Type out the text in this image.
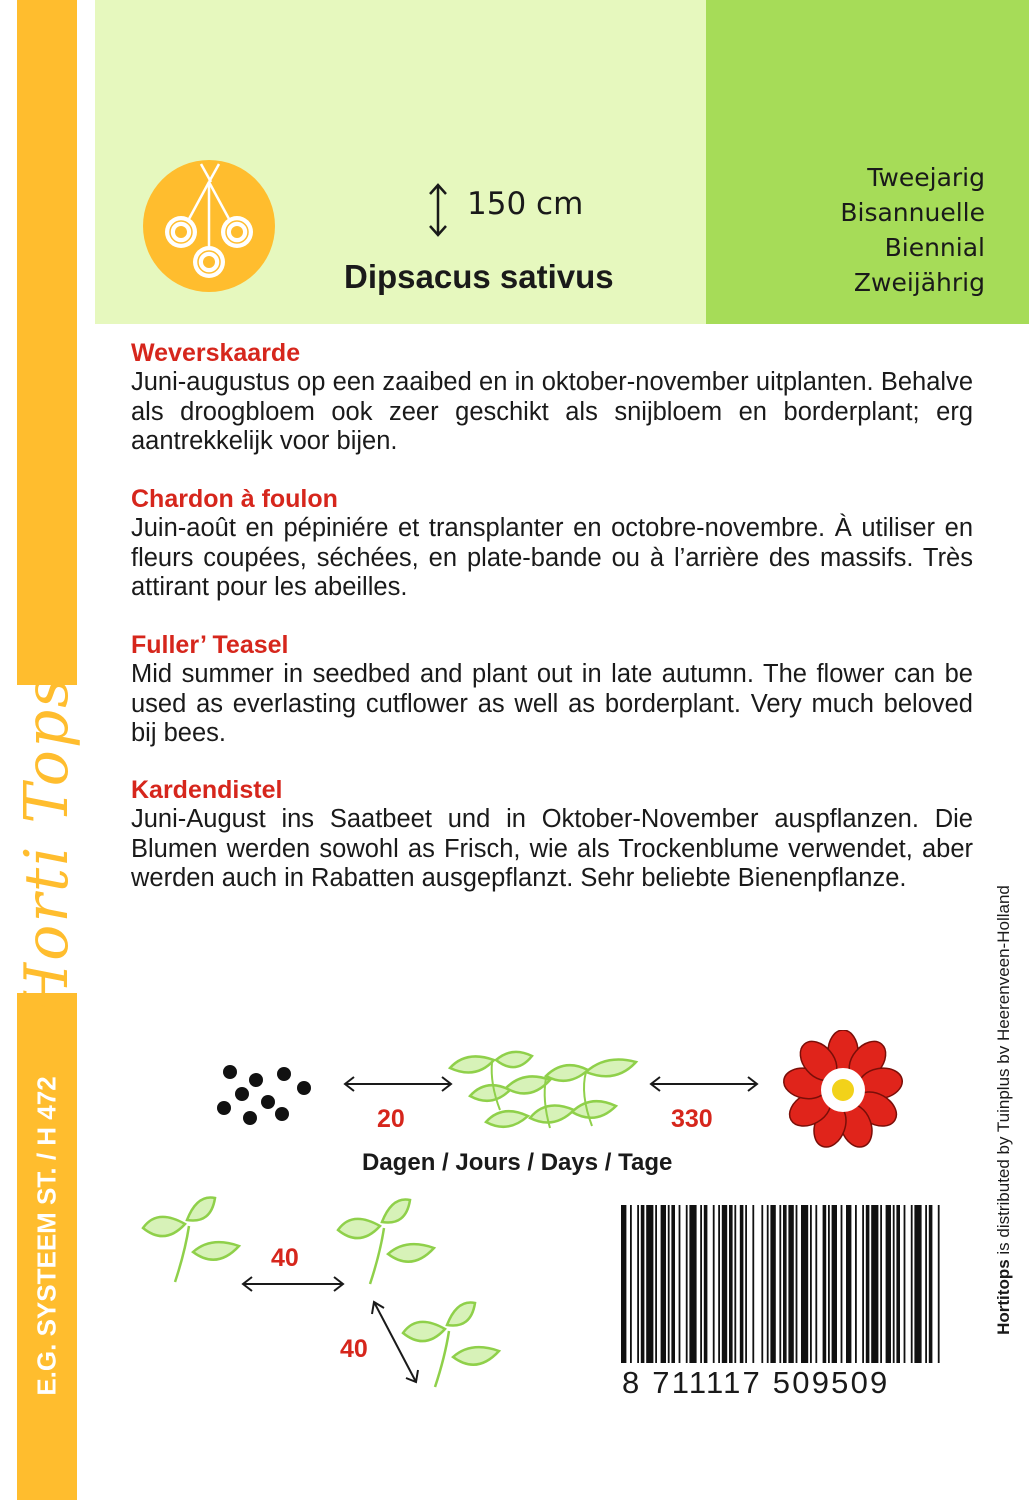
Horti Tops
E.G. SYSTEEM ST. / H 472
150 cm
Dipsacus sativus
Tweejarig
Bisannuelle
Biennial
Zweijährig
Weverskaarde

Juni-augustus op een zaaibed en in oktober-november uitplanten. Behalve als droogbloem ook zeer geschikt als snijbloem en borderplant; erg aantrekkelijk voor bijen.

Chardon à foulon

Juin-août en pépiniére et transplanter en octobre-novembre. À utiliser en fleurs coupées, séchées, en plate-bande ou à l’arrière des massifs. Très attirant pour les abeilles.

Fuller’ Teasel

Mid summer in seedbed and plant out in late autumn. The flower can be used as everlasting cutflower as well as borderplant. Very much beloved bij bees.

Kardendistel

Juni-August ins Saatbeet und in Oktober-November auspflanzen. Die Blumen werden sowohl as Frisch, wie als Trockenblume verwendet, aber werden auch in Rabatten ausgepflanzt. Sehr beliebte Bienenpflanze.

20	330
Dagen / Jours / Days / Tage
40
40
8 711117 509509
Hortitops is distributed by Tuinplus bv Heerenveen-Holland
